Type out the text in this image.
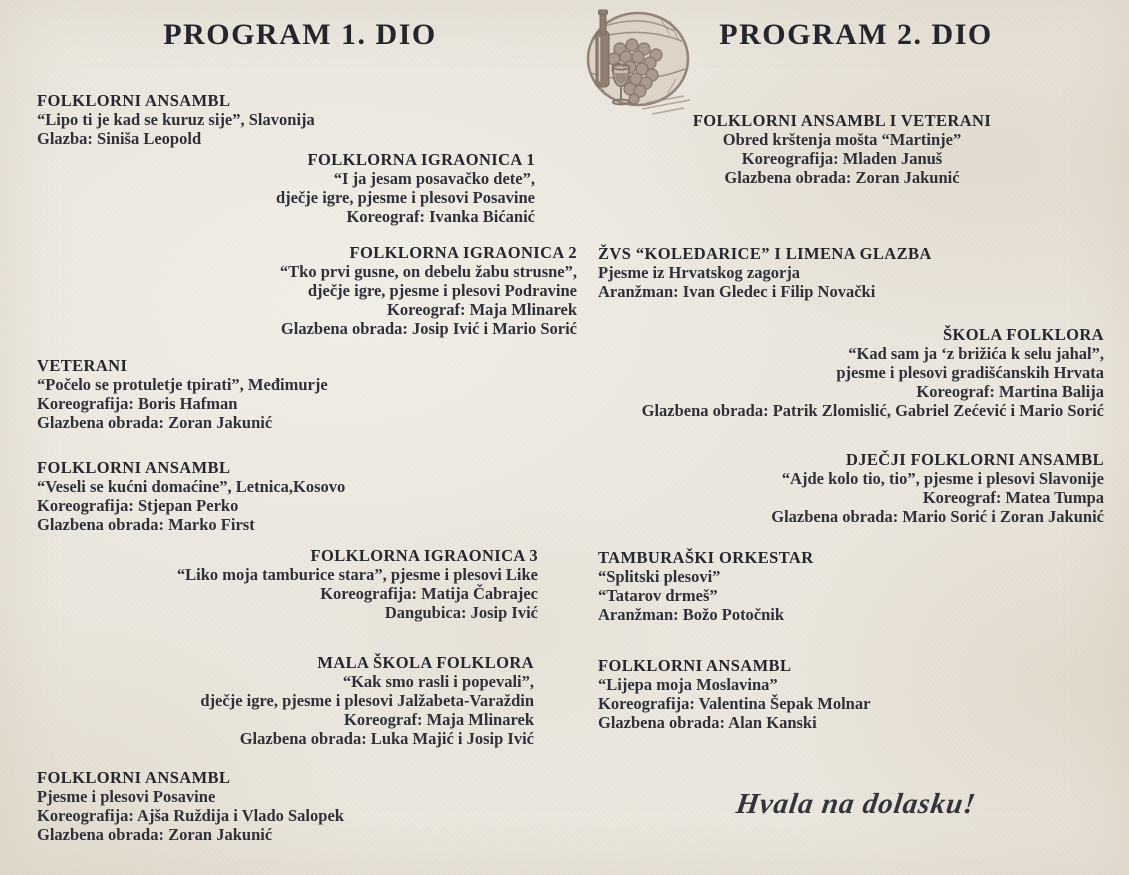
PROGRAM 1. DIO	PROGRAM 2. DIO
FOLKLORNI ANSAMBL
“Lipo ti je kad se kuruz sije”, Slavonija
Glazba: Siniša Leopold
FOLKLORNA IGRAONICA 1
“I ja jesam posavačko dete”,
dječje igre, pjesme i plesovi Posavine
Koreograf: Ivanka Bićanić
FOLKLORNA IGRAONICA 2
“Tko prvi gusne, on debelu žabu strusne”,
dječje igre, pjesme i plesovi Podravine
Koreograf: Maja Mlinarek
Glazbena obrada: Josip Ivić i Mario Sorić
VETERANI
“Počelo se protuletje tpirati”, Međimurje
Koreografija: Boris Hafman
Glazbena obrada: Zoran Jakunić
FOLKLORNI ANSAMBL
“Veseli se kućni domaćine”, Letnica,Kosovo
Koreografija: Stjepan Perko
Glazbena obrada: Marko First
FOLKLORNA IGRAONICA 3
“Liko moja tamburice stara”, pjesme i plesovi Like
Koreografija: Matija Čabrajec
Dangubica: Josip Ivić
MALA ŠKOLA FOLKLORA
“Kak smo rasli i popevali”,
dječje igre, pjesme i plesovi Jalžabeta-Varaždin
Koreograf: Maja Mlinarek
Glazbena obrada: Luka Majić i Josip Ivić
FOLKLORNI ANSAMBL
Pjesme i plesovi Posavine
Koreografija: Ajša Ruždija i Vlado Salopek
Glazbena obrada: Zoran Jakunić
FOLKLORNI ANSAMBL I VETERANI
Obred krštenja mošta “Martinje”
Koreografija: Mladen Januš
Glazbena obrada: Zoran Jakunić
ŽVS “KOLEDARICE” I LIMENA GLAZBA
Pjesme iz Hrvatskog zagorja
Aranžman: Ivan Gledec i Filip Novački
ŠKOLA FOLKLORA
“Kad sam ja ‘z brižića k selu jahal”,
pjesme i plesovi gradišćanskih Hrvata
Koreograf: Martina Balija
Glazbena obrada: Patrik Zlomislić, Gabriel Zećević i Mario Sorić
DJEČJI FOLKLORNI ANSAMBL
“Ajde kolo tio, tio”, pjesme i plesovi Slavonije
Koreograf: Matea Tumpa
Glazbena obrada: Mario Sorić i Zoran Jakunić
TAMBURAŠKI ORKESTAR
“Splitski plesovi”
“Tatarov drmeš”
Aranžman: Božo Potočnik
FOLKLORNI ANSAMBL
“Lijepa moja Moslavina”
Koreografija: Valentina Šepak Molnar
Glazbena obrada: Alan Kanski
Hvala na dolasku!
